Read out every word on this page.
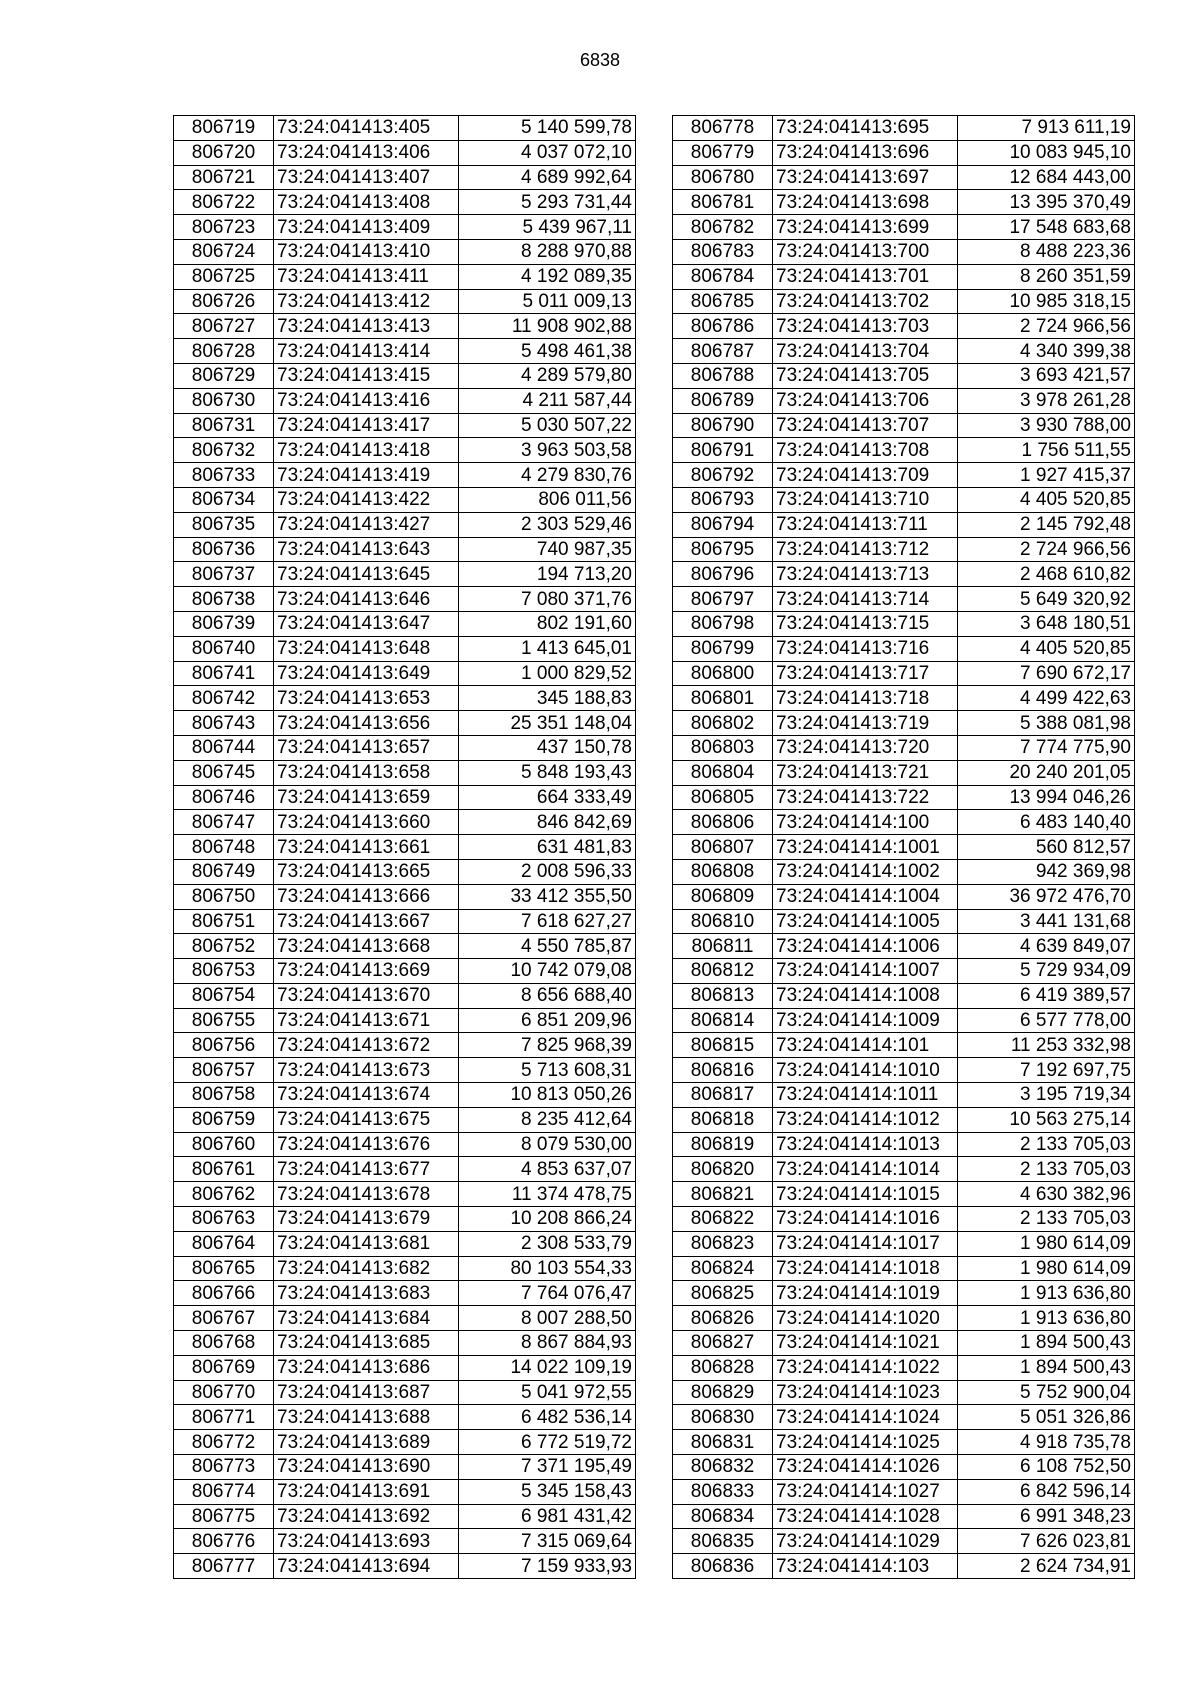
6838
806719	73:24:041413:405	5 140 599,78
806720	73:24:041413:406	4 037 072,10
806721	73:24:041413:407	4 689 992,64
806722	73:24:041413:408	5 293 731,44
806723	73:24:041413:409	5 439 967,11
806724	73:24:041413:410	8 288 970,88
806725	73:24:041413:411	4 192 089,35
806726	73:24:041413:412	5 011 009,13
806727	73:24:041413:413	11 908 902,88
806728	73:24:041413:414	5 498 461,38
806729	73:24:041413:415	4 289 579,80
806730	73:24:041413:416	4 211 587,44
806731	73:24:041413:417	5 030 507,22
806732	73:24:041413:418	3 963 503,58
806733	73:24:041413:419	4 279 830,76
806734	73:24:041413:422	806 011,56
806735	73:24:041413:427	2 303 529,46
806736	73:24:041413:643	740 987,35
806737	73:24:041413:645	194 713,20
806738	73:24:041413:646	7 080 371,76
806739	73:24:041413:647	802 191,60
806740	73:24:041413:648	1 413 645,01
806741	73:24:041413:649	1 000 829,52
806742	73:24:041413:653	345 188,83
806743	73:24:041413:656	25 351 148,04
806744	73:24:041413:657	437 150,78
806745	73:24:041413:658	5 848 193,43
806746	73:24:041413:659	664 333,49
806747	73:24:041413:660	846 842,69
806748	73:24:041413:661	631 481,83
806749	73:24:041413:665	2 008 596,33
806750	73:24:041413:666	33 412 355,50
806751	73:24:041413:667	7 618 627,27
806752	73:24:041413:668	4 550 785,87
806753	73:24:041413:669	10 742 079,08
806754	73:24:041413:670	8 656 688,40
806755	73:24:041413:671	6 851 209,96
806756	73:24:041413:672	7 825 968,39
806757	73:24:041413:673	5 713 608,31
806758	73:24:041413:674	10 813 050,26
806759	73:24:041413:675	8 235 412,64
806760	73:24:041413:676	8 079 530,00
806761	73:24:041413:677	4 853 637,07
806762	73:24:041413:678	11 374 478,75
806763	73:24:041413:679	10 208 866,24
806764	73:24:041413:681	2 308 533,79
806765	73:24:041413:682	80 103 554,33
806766	73:24:041413:683	7 764 076,47
806767	73:24:041413:684	8 007 288,50
806768	73:24:041413:685	8 867 884,93
806769	73:24:041413:686	14 022 109,19
806770	73:24:041413:687	5 041 972,55
806771	73:24:041413:688	6 482 536,14
806772	73:24:041413:689	6 772 519,72
806773	73:24:041413:690	7 371 195,49
806774	73:24:041413:691	5 345 158,43
806775	73:24:041413:692	6 981 431,42
806776	73:24:041413:693	7 315 069,64
806777	73:24:041413:694	7 159 933,93
806778	73:24:041413:695	7 913 611,19
806779	73:24:041413:696	10 083 945,10
806780	73:24:041413:697	12 684 443,00
806781	73:24:041413:698	13 395 370,49
806782	73:24:041413:699	17 548 683,68
806783	73:24:041413:700	8 488 223,36
806784	73:24:041413:701	8 260 351,59
806785	73:24:041413:702	10 985 318,15
806786	73:24:041413:703	2 724 966,56
806787	73:24:041413:704	4 340 399,38
806788	73:24:041413:705	3 693 421,57
806789	73:24:041413:706	3 978 261,28
806790	73:24:041413:707	3 930 788,00
806791	73:24:041413:708	1 756 511,55
806792	73:24:041413:709	1 927 415,37
806793	73:24:041413:710	4 405 520,85
806794	73:24:041413:711	2 145 792,48
806795	73:24:041413:712	2 724 966,56
806796	73:24:041413:713	2 468 610,82
806797	73:24:041413:714	5 649 320,92
806798	73:24:041413:715	3 648 180,51
806799	73:24:041413:716	4 405 520,85
806800	73:24:041413:717	7 690 672,17
806801	73:24:041413:718	4 499 422,63
806802	73:24:041413:719	5 388 081,98
806803	73:24:041413:720	7 774 775,90
806804	73:24:041413:721	20 240 201,05
806805	73:24:041413:722	13 994 046,26
806806	73:24:041414:100	6 483 140,40
806807	73:24:041414:1001	560 812,57
806808	73:24:041414:1002	942 369,98
806809	73:24:041414:1004	36 972 476,70
806810	73:24:041414:1005	3 441 131,68
806811	73:24:041414:1006	4 639 849,07
806812	73:24:041414:1007	5 729 934,09
806813	73:24:041414:1008	6 419 389,57
806814	73:24:041414:1009	6 577 778,00
806815	73:24:041414:101	11 253 332,98
806816	73:24:041414:1010	7 192 697,75
806817	73:24:041414:1011	3 195 719,34
806818	73:24:041414:1012	10 563 275,14
806819	73:24:041414:1013	2 133 705,03
806820	73:24:041414:1014	2 133 705,03
806821	73:24:041414:1015	4 630 382,96
806822	73:24:041414:1016	2 133 705,03
806823	73:24:041414:1017	1 980 614,09
806824	73:24:041414:1018	1 980 614,09
806825	73:24:041414:1019	1 913 636,80
806826	73:24:041414:1020	1 913 636,80
806827	73:24:041414:1021	1 894 500,43
806828	73:24:041414:1022	1 894 500,43
806829	73:24:041414:1023	5 752 900,04
806830	73:24:041414:1024	5 051 326,86
806831	73:24:041414:1025	4 918 735,78
806832	73:24:041414:1026	6 108 752,50
806833	73:24:041414:1027	6 842 596,14
806834	73:24:041414:1028	6 991 348,23
806835	73:24:041414:1029	7 626 023,81
806836	73:24:041414:103	2 624 734,91
